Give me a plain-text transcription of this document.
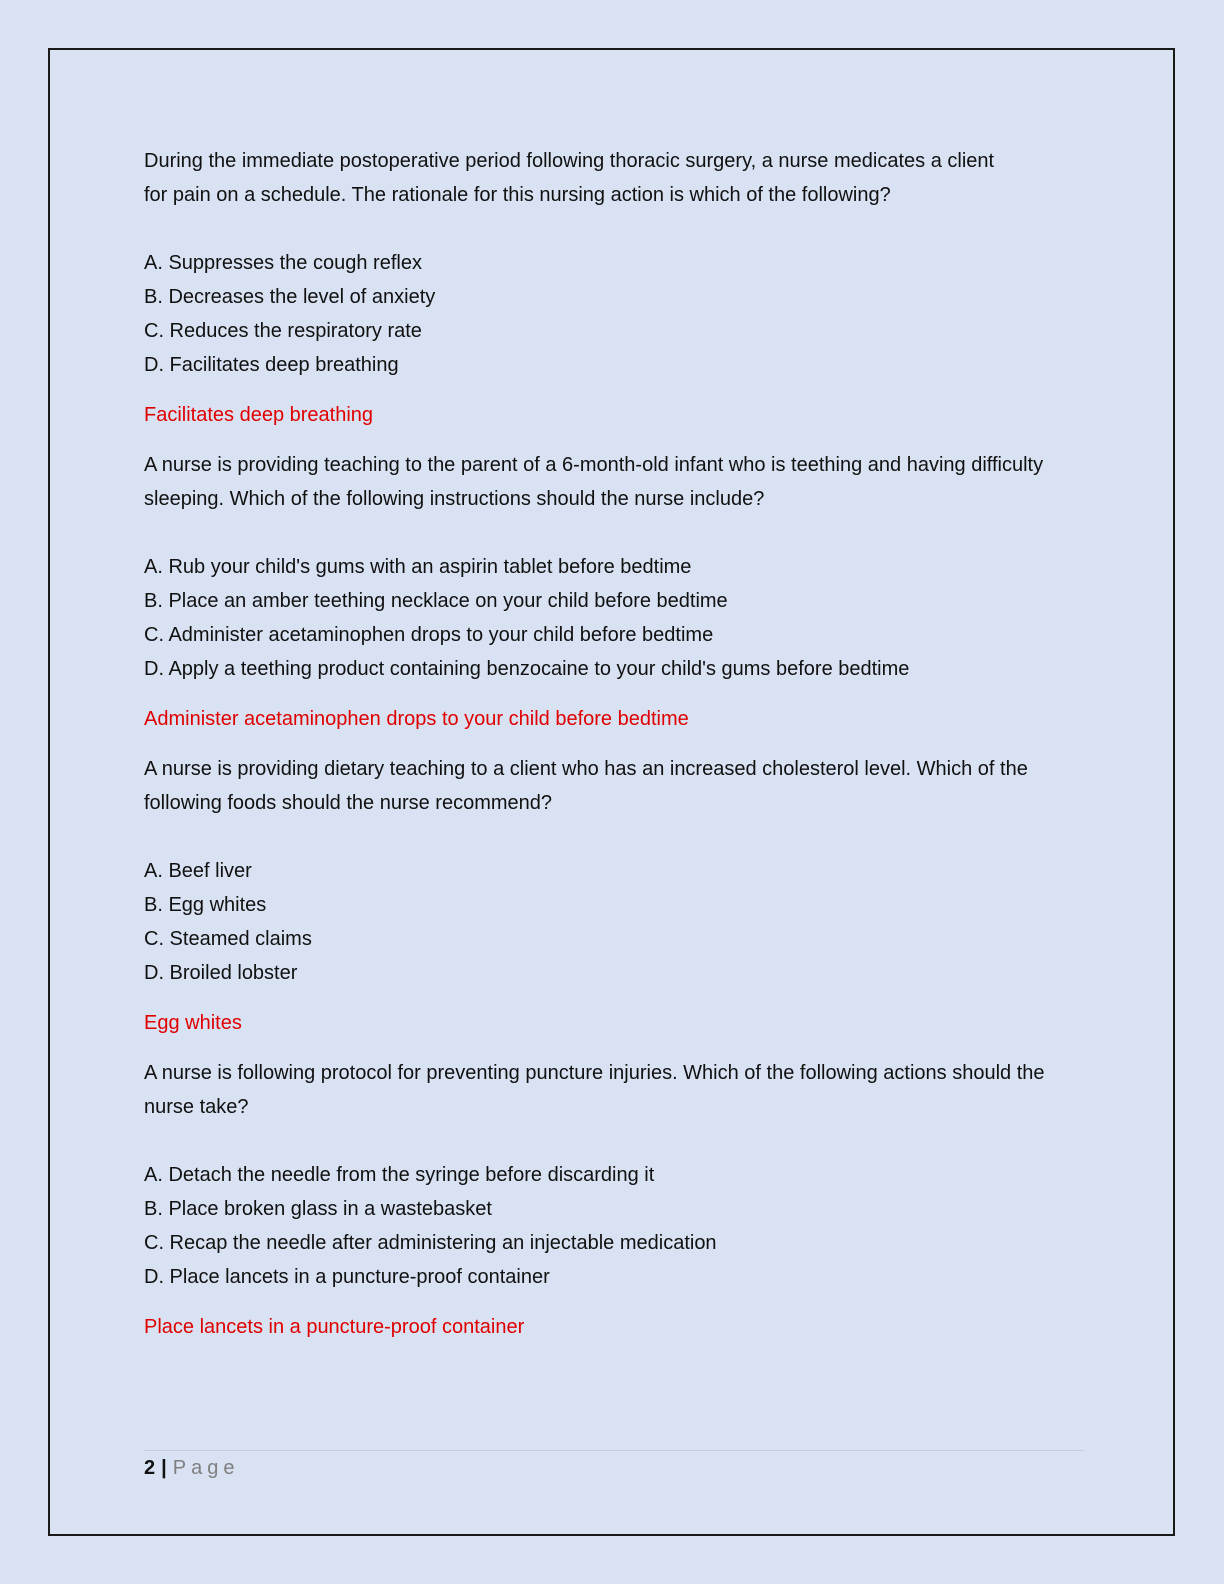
During the immediate postoperative period following thoracic surgery, a nurse medicates a client

for pain on a schedule. The rationale for this nursing action is which of the following?

A. Suppresses the cough reflex
B. Decreases the level of anxiety
C. Reduces the respiratory rate
D. Facilitates deep breathing
Facilitates deep breathing

A nurse is providing teaching to the parent of a 6-month-old infant who is teething and having difficulty sleeping. Which of the following instructions should the nurse include?

A. Rub your child's gums with an aspirin tablet before bedtime
B. Place an amber teething necklace on your child before bedtime
C. Administer acetaminophen drops to your child before bedtime
D. Apply a teething product containing benzocaine to your child's gums before bedtime
Administer acetaminophen drops to your child before bedtime

A nurse is providing dietary teaching to a client who has an increased cholesterol level. Which of the following foods should the nurse recommend?

A. Beef liver
B. Egg whites
C. Steamed claims
D. Broiled lobster
Egg whites

A nurse is following protocol for preventing puncture injuries. Which of the following actions should the nurse take?

A. Detach the needle from the syringe before discarding it
B. Place broken glass in a wastebasket
C. Recap the needle after administering an injectable medication
D. Place lancets in a puncture-proof container
Place lancets in a puncture-proof container
2 | Page
